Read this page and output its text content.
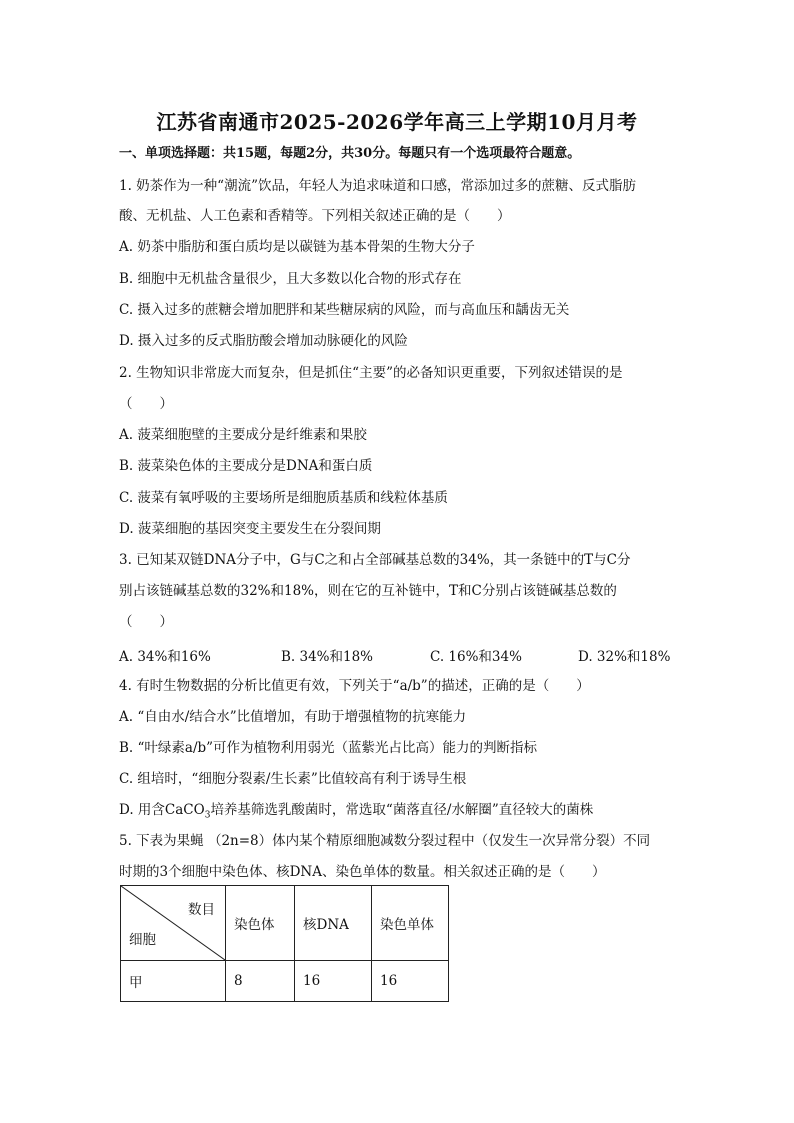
江苏省南通市2025-2026学年高三上学期10月月考
一、单项选择题：共15题，每题2分，共30分。每题只有一个选项最符合题意。
1. 奶茶作为一种“潮流”饮品，年轻人为追求味道和口感，常添加过多的蔗糖、反式脂肪
酸、无机盐、人工色素和香精等。下列相关叙述正确的是（　　）
A. 奶茶中脂肪和蛋白质均是以碳链为基本骨架的生物大分子
B. 细胞中无机盐含量很少，且大多数以化合物的形式存在
C. 摄入过多的蔗糖会增加肥胖和某些糖尿病的风险，而与高血压和龋齿无关
D. 摄入过多的反式脂肪酸会增加动脉硬化的风险
2. 生物知识非常庞大而复杂，但是抓住“主要”的必备知识更重要，下列叙述错误的是
（　　）
A. 菠菜细胞壁的主要成分是纤维素和果胶
B. 菠菜染色体的主要成分是DNA和蛋白质
C. 菠菜有氧呼吸的主要场所是细胞质基质和线粒体基质
D. 菠菜细胞的基因突变主要发生在分裂间期
3. 已知某双链DNA分子中，G与C之和占全部碱基总数的34%，其一条链中的T与C分
别占该链碱基总数的32%和18%，则在它的互补链中，T和C分别占该链碱基总数的
（　　）
A. 34%和16%	B. 34%和18%	C. 16%和34%	D. 32%和18%
4. 有时生物数据的分析比值更有效，下列关于“a/b”的描述，正确的是（　　）
A. “自由水/结合水”比值增加，有助于增强植物的抗寒能力
B. “叶绿素a/b”可作为植物利用弱光（蓝紫光占比高）能力的判断指标
C. 组培时，“细胞分裂素/生长素”比值较高有利于诱导生根
D. 用含CaCO$_3$培养基筛选乳酸菌时，常选取“菌落直径/水解圈”直径较大的菌株
5. 下表为果蝇 （2n=8）体内某个精原细胞减数分裂过程中（仅发生一次异常分裂）不同
时期的3个细胞中染色体、核DNA、染色单体的数量。相关叙述正确的是（　　）
数目
细胞	染色体	核DNA	染色单体
甲	8	16	16
